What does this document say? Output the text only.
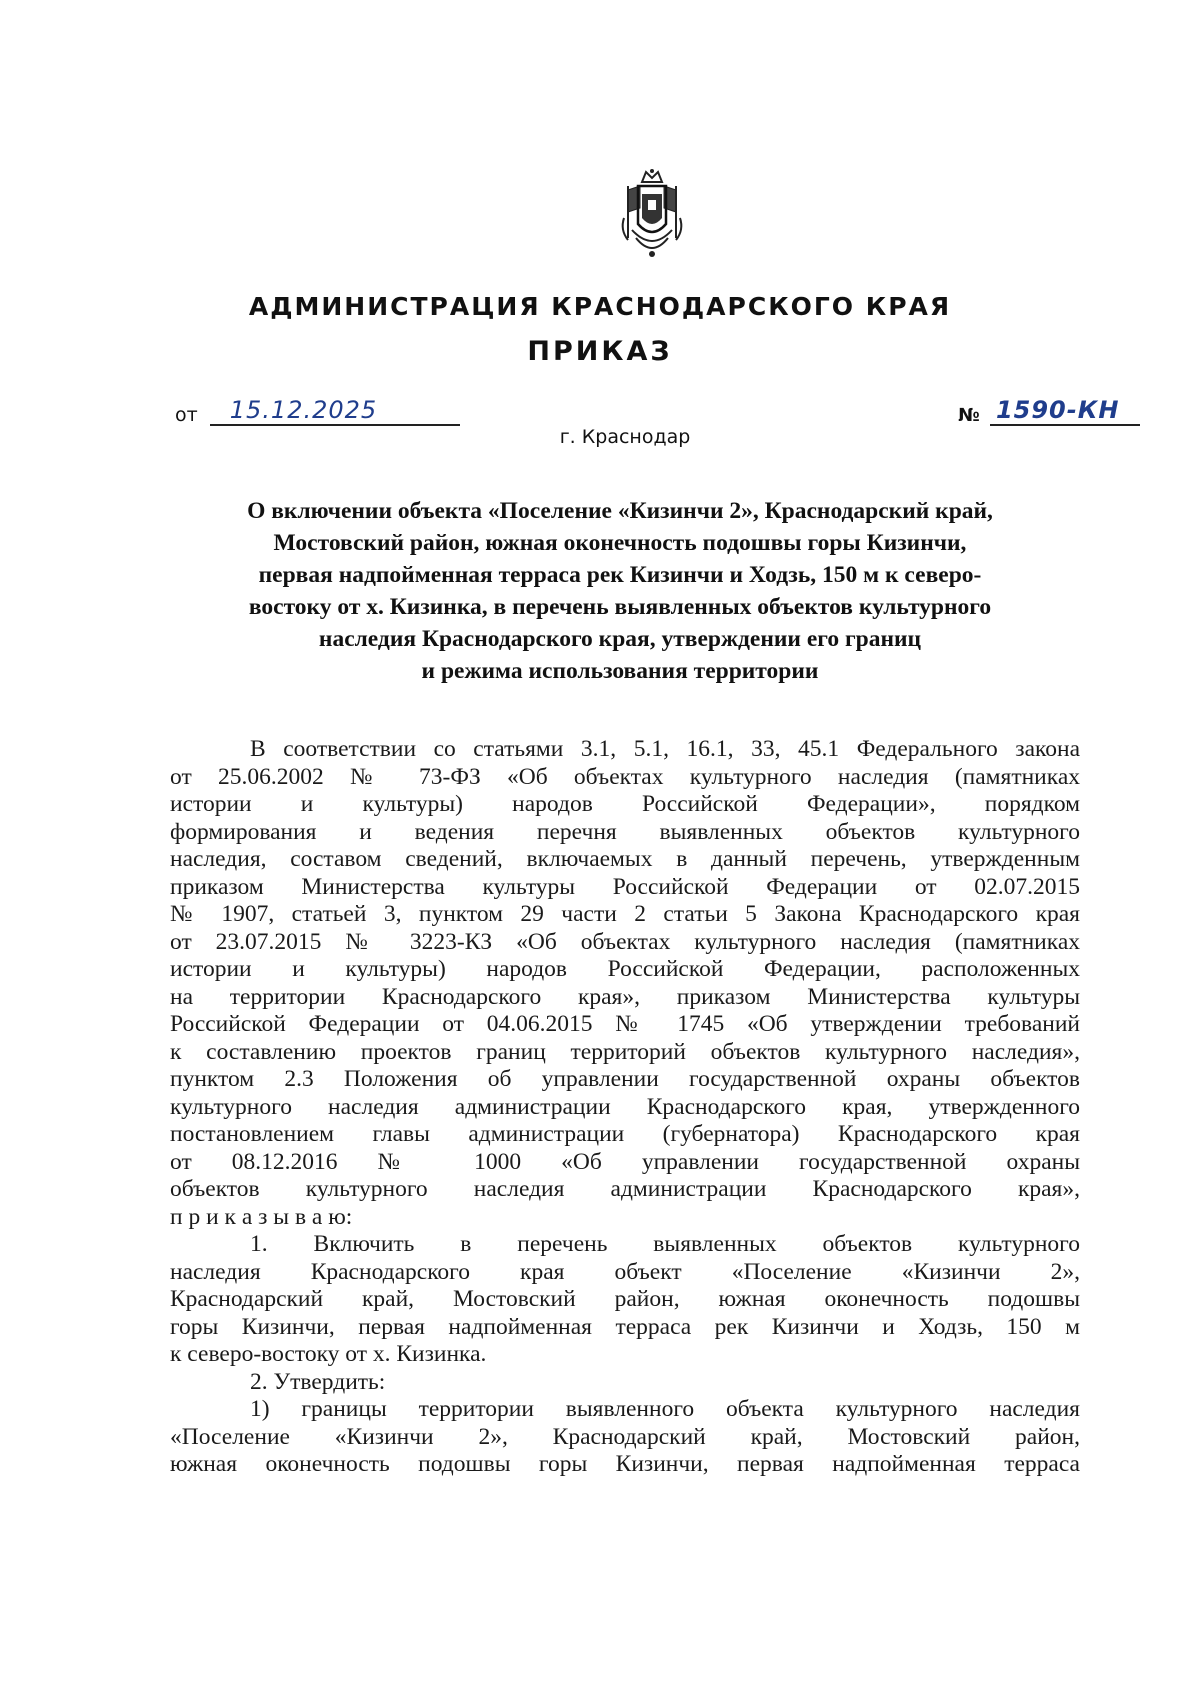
АДМИНИСТРАЦИЯ КРАСНОДАРСКОГО КРАЯ
ПРИКАЗ
от 15.12.2025	№ 1590-КН
г. Краснодар
О включении объекта «Поселение «Кизинчи 2», Краснодарский край,
Мостовский район, южная оконечность подошвы горы Кизинчи,
первая надпойменная терраса рек Кизинчи и Ходзь, 150 м к северо-
востоку от х. Кизинка, в перечень выявленных объектов культурного
наследия Краснодарского края, утверждении его границ
и режима использования территории
В соответствии со статьями 3.1, 5.1, 16.1, 33, 45.1 Федерального закона
от 25.06.2002 № 73-ФЗ «Об объектах культурного наследия (памятниках
истории и культуры) народов Российской Федерации», порядком
формирования и ведения перечня выявленных объектов культурного
наследия, составом сведений, включаемых в данный перечень, утвержденным
приказом Министерства культуры Российской Федерации от 02.07.2015
№ 1907, статьей 3, пунктом 29 части 2 статьи 5 Закона Краснодарского края
от 23.07.2015 № 3223-КЗ «Об объектах культурного наследия (памятниках
истории и культуры) народов Российской Федерации, расположенных
на территории Краснодарского края», приказом Министерства культуры
Российской Федерации от 04.06.2015 № 1745 «Об утверждении требований
к составлению проектов границ территорий объектов культурного наследия»,
пунктом 2.3 Положения об управлении государственной охраны объектов
культурного наследия администрации Краснодарского края, утвержденного
постановлением главы администрации (губернатора) Краснодарского края
от 08.12.2016 № 1000 «Об управлении государственной охраны
объектов культурного наследия администрации Краснодарского края»,
п р и к а з ы в а ю:
1. Включить в перечень выявленных объектов культурного
наследия Краснодарского края объект «Поселение «Кизинчи 2»,
Краснодарский край, Мостовский район, южная оконечность подошвы
горы Кизинчи, первая надпойменная терраса рек Кизинчи и Ходзь, 150 м
к северо-востоку от х. Кизинка.
2. Утвердить:
1) границы территории выявленного объекта культурного наследия
«Поселение «Кизинчи 2», Краснодарский край, Мостовский район,
южная оконечность подошвы горы Кизинчи, первая надпойменная терраса
